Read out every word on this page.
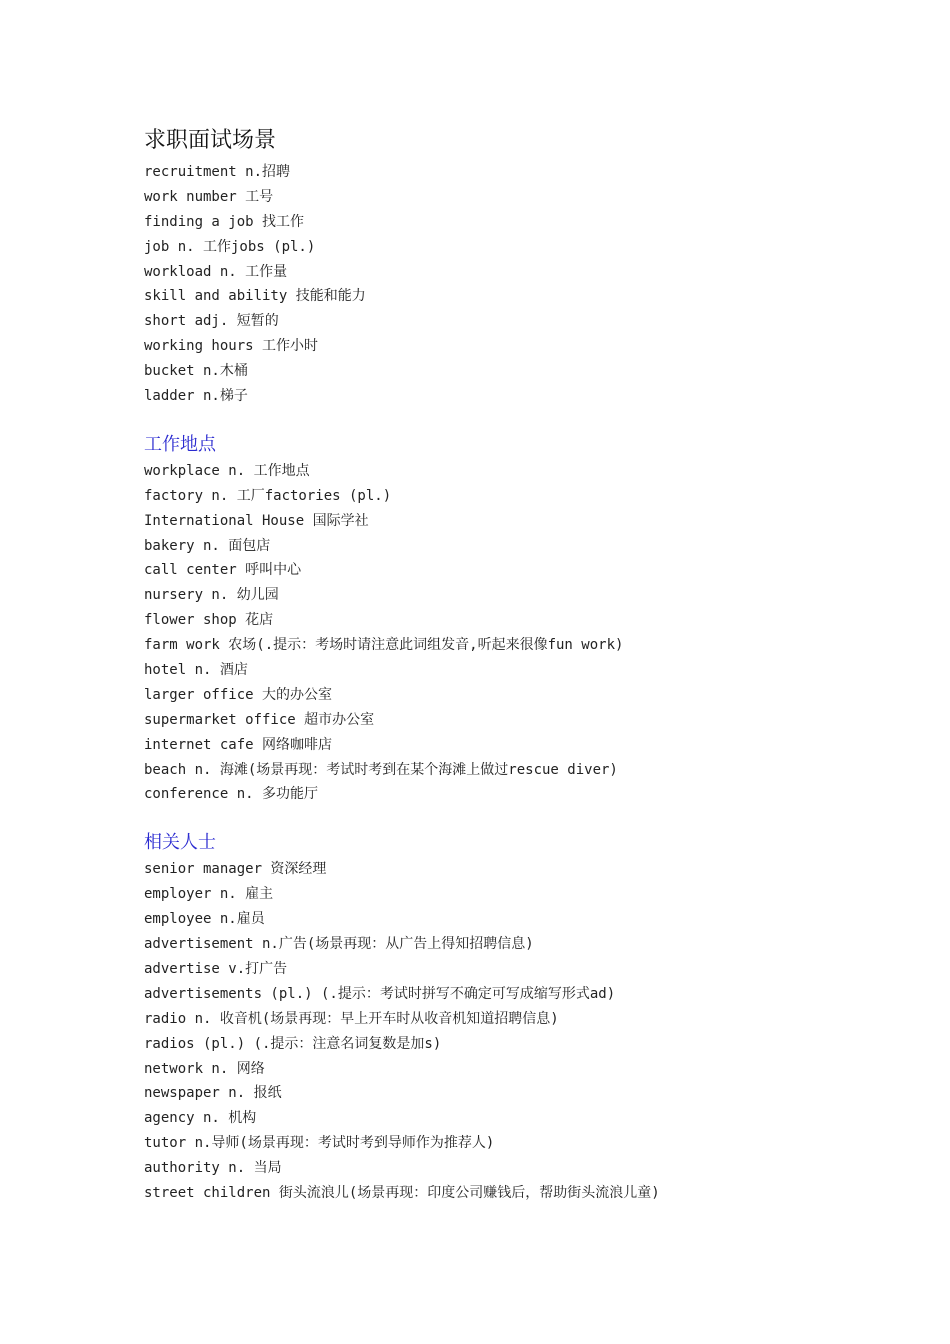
求职面试场景
recruitment n.招聘
work number 工号
finding a job 找工作
job n. 工作jobs (pl.)
workload n. 工作量
skill and ability 技能和能力
short adj. 短暂的
working hours 工作小时
bucket n.木桶
ladder n.梯子
工作地点
workplace n. 工作地点
factory n. 工厂factories (pl.)
International House 国际学社
bakery n. 面包店
call center 呼叫中心
nursery n. 幼儿园
flower shop 花店
farm work 农场(.提示：考场时请注意此词组发音,听起来很像fun work)
hotel n. 酒店
larger office 大的办公室
supermarket office 超市办公室
internet cafe 网络咖啡店
beach n. 海滩(场景再现：考试时考到在某个海滩上做过rescue diver)
conference n. 多功能厅
相关人士
senior manager 资深经理
employer n. 雇主
employee n.雇员
advertisement n.广告(场景再现：从广告上得知招聘信息)
advertise v.打广告
advertisements (pl.) (.提示：考试时拼写不确定可写成缩写形式ad)
radio n. 收音机(场景再现：早上开车时从收音机知道招聘信息)
radios (pl.) (.提示：注意名词复数是加s)
network n. 网络
newspaper n. 报纸
agency n. 机构
tutor n.导师(场景再现：考试时考到导师作为推荐人)
authority n. 当局
street children 街头流浪儿(场景再现：印度公司赚钱后，帮助街头流浪儿童)
